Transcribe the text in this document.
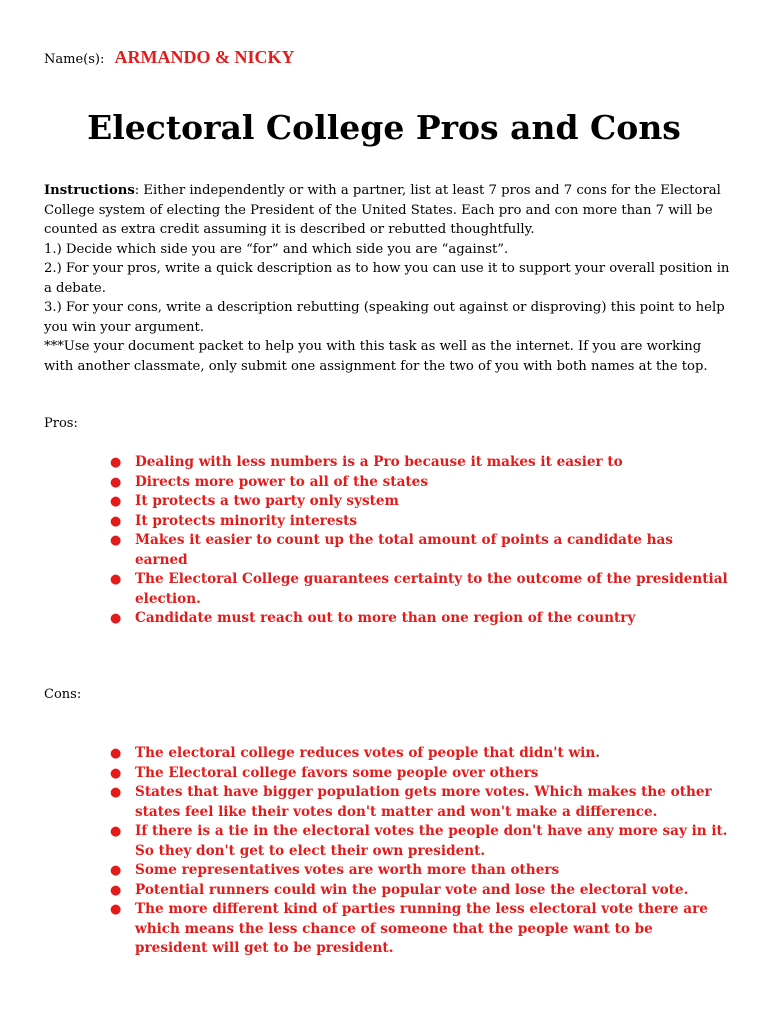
Name(s): ARMANDO & NICKY
Electoral College Pros and Cons

Instructions: Either independently or with a partner, list at least 7 pros and 7 cons for the Electoral College system of electing the President of the United States. Each pro and con more than 7 will be counted as extra credit assuming it is described or rebutted thoughtfully.

1.) Decide which side you are “for” and which side you are “against”.

2.) For your pros, write a quick description as to how you can use it to support your overall position in a debate.

3.) For your cons, write a description rebutting (speaking out against or disproving) this point to help you win your argument.

***Use your document packet to help you with this task as well as the internet. If you are working with another classmate, only submit one assignment for the two of you with both names at the top.

Pros:
● Dealing with less numbers is a Pro because it makes it easier to
● Directs more power to all of the states
● It protects a two party only system
● It protects minority interests
● Makes it easier to count up the total amount of points a candidate has earned
● The Electoral College guarantees certainty to the outcome of the presidential election.
● Candidate must reach out to more than one region of the country
Cons:
● The electoral college reduces votes of people that didn't win.
● The Electoral college favors some people over others
● States that have bigger population gets more votes. Which makes the other states feel like their votes don't matter and won't make a difference.
● If there is a tie in the electoral votes the people don't have any more say in it. So they don't get to elect their own president.
● Some representatives votes are worth more than others
● Potential runners could win the popular vote and lose the electoral vote.
● The more different kind of parties running the less electoral vote there are which means the less chance of someone that the people want to be president will get to be president.
